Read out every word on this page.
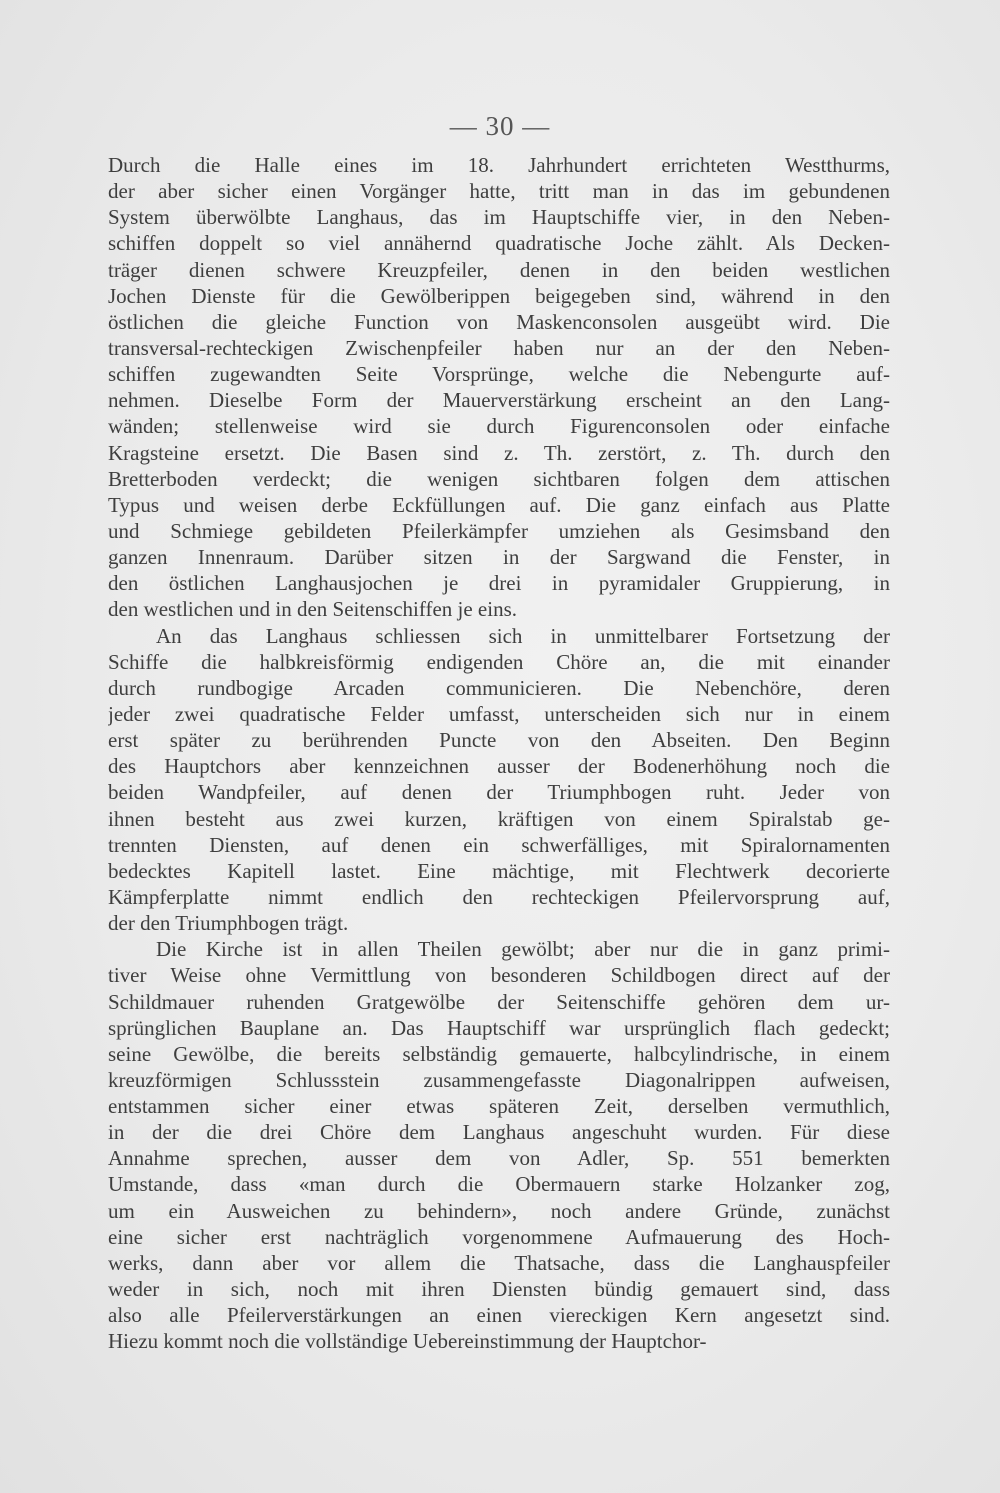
— 30 —
Durch die Halle eines im 18. Jahrhundert errichteten Westthurms,
der aber sicher einen Vorgänger hatte, tritt man in das im gebundenen
System überwölbte Langhaus, das im Hauptschiffe vier, in den Neben-
schiffen doppelt so viel annähernd quadratische Joche zählt. Als Decken-
träger dienen schwere Kreuzpfeiler, denen in den beiden westlichen
Jochen Dienste für die Gewölberippen beigegeben sind, während in den
östlichen die gleiche Function von Maskenconsolen ausgeübt wird. Die
transversal-rechteckigen Zwischenpfeiler haben nur an der den Neben-
schiffen zugewandten Seite Vorsprünge, welche die Nebengurte auf-
nehmen. Dieselbe Form der Mauerverstärkung erscheint an den Lang-
wänden; stellenweise wird sie durch Figurenconsolen oder einfache
Kragsteine ersetzt. Die Basen sind z. Th. zerstört, z. Th. durch den
Bretterboden verdeckt; die wenigen sichtbaren folgen dem attischen
Typus und weisen derbe Eckfüllungen auf. Die ganz einfach aus Platte
und Schmiege gebildeten Pfeilerkämpfer umziehen als Gesimsband den
ganzen Innenraum. Darüber sitzen in der Sargwand die Fenster, in
den östlichen Langhausjochen je drei in pyramidaler Gruppierung, in
den westlichen und in den Seitenschiffen je eins.
An das Langhaus schliessen sich in unmittelbarer Fortsetzung der
Schiffe die halbkreisförmig endigenden Chöre an, die mit einander
durch rundbogige Arcaden communicieren. Die Nebenchöre, deren
jeder zwei quadratische Felder umfasst, unterscheiden sich nur in einem
erst später zu berührenden Puncte von den Abseiten. Den Beginn
des Hauptchors aber kennzeichnen ausser der Bodenerhöhung noch die
beiden Wandpfeiler, auf denen der Triumphbogen ruht. Jeder von
ihnen besteht aus zwei kurzen, kräftigen von einem Spiralstab ge-
trennten Diensten, auf denen ein schwerfälliges, mit Spiralornamenten
bedecktes Kapitell lastet. Eine mächtige, mit Flechtwerk decorierte
Kämpferplatte nimmt endlich den rechteckigen Pfeilervorsprung auf,
der den Triumphbogen trägt.
Die Kirche ist in allen Theilen gewölbt; aber nur die in ganz primi-
tiver Weise ohne Vermittlung von besonderen Schildbogen direct auf der
Schildmauer ruhenden Gratgewölbe der Seitenschiffe gehören dem ur-
sprünglichen Bauplane an. Das Hauptschiff war ursprünglich flach gedeckt;
seine Gewölbe, die bereits selbständig gemauerte, halbcylindrische, in einem
kreuzförmigen Schlussstein zusammengefasste Diagonalrippen aufweisen,
entstammen sicher einer etwas späteren Zeit, derselben vermuthlich,
in der die drei Chöre dem Langhaus angeschuht wurden. Für diese
Annahme sprechen, ausser dem von Adler, Sp. 551 bemerkten
Umstande, dass «man durch die Obermauern starke Holzanker zog,
um ein Ausweichen zu behindern», noch andere Gründe, zunächst
eine sicher erst nachträglich vorgenommene Aufmauerung des Hoch-
werks, dann aber vor allem die Thatsache, dass die Langhauspfeiler
weder in sich, noch mit ihren Diensten bündig gemauert sind, dass
also alle Pfeilerverstärkungen an einen viereckigen Kern angesetzt sind.
Hiezu kommt noch die vollständige Uebereinstimmung der Hauptchor-
